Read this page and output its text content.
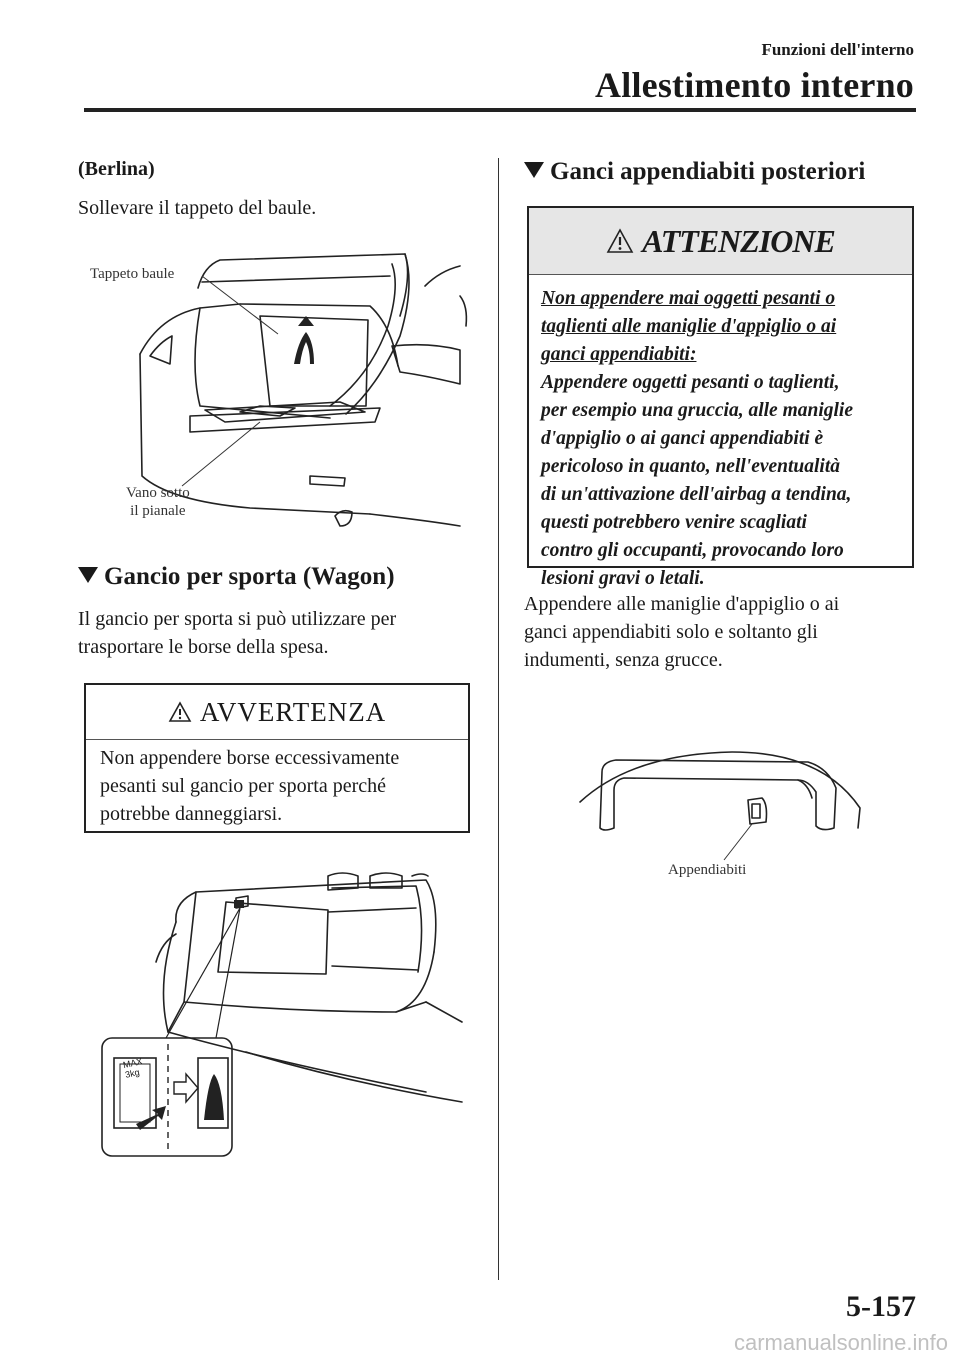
Funzioni dell'interno
Allestimento interno
(Berlina)
Sollevare il tappeto del baule.
Tappeto baule
Vano sotto
il pianale
Gancio per sporta (Wagon)
Il gancio per sporta si può utilizzare per
trasportare le borse della spesa.
AVVERTENZA
Non appendere borse eccessivamente
pesanti sul gancio per sporta perché
potrebbe danneggiarsi.
MAX
3kg
Ganci appendiabiti posteriori
ATTENZIONE
Non appendere mai oggetti pesanti o
taglienti alle maniglie d'appiglio o ai
ganci appendiabiti:
Appendere oggetti pesanti o taglienti,
per esempio una gruccia, alle maniglie
d'appiglio o ai ganci appendiabiti è
pericoloso in quanto, nell'eventualità
di un'attivazione dell'airbag a tendina,
questi potrebbero venire scagliati
contro gli occupanti, provocando loro
lesioni gravi o letali.
Appendere alle maniglie d'appiglio o ai
ganci appendiabiti solo e soltanto gli
indumenti, senza grucce.
Appendiabiti
5-157
carmanualsonline.info
